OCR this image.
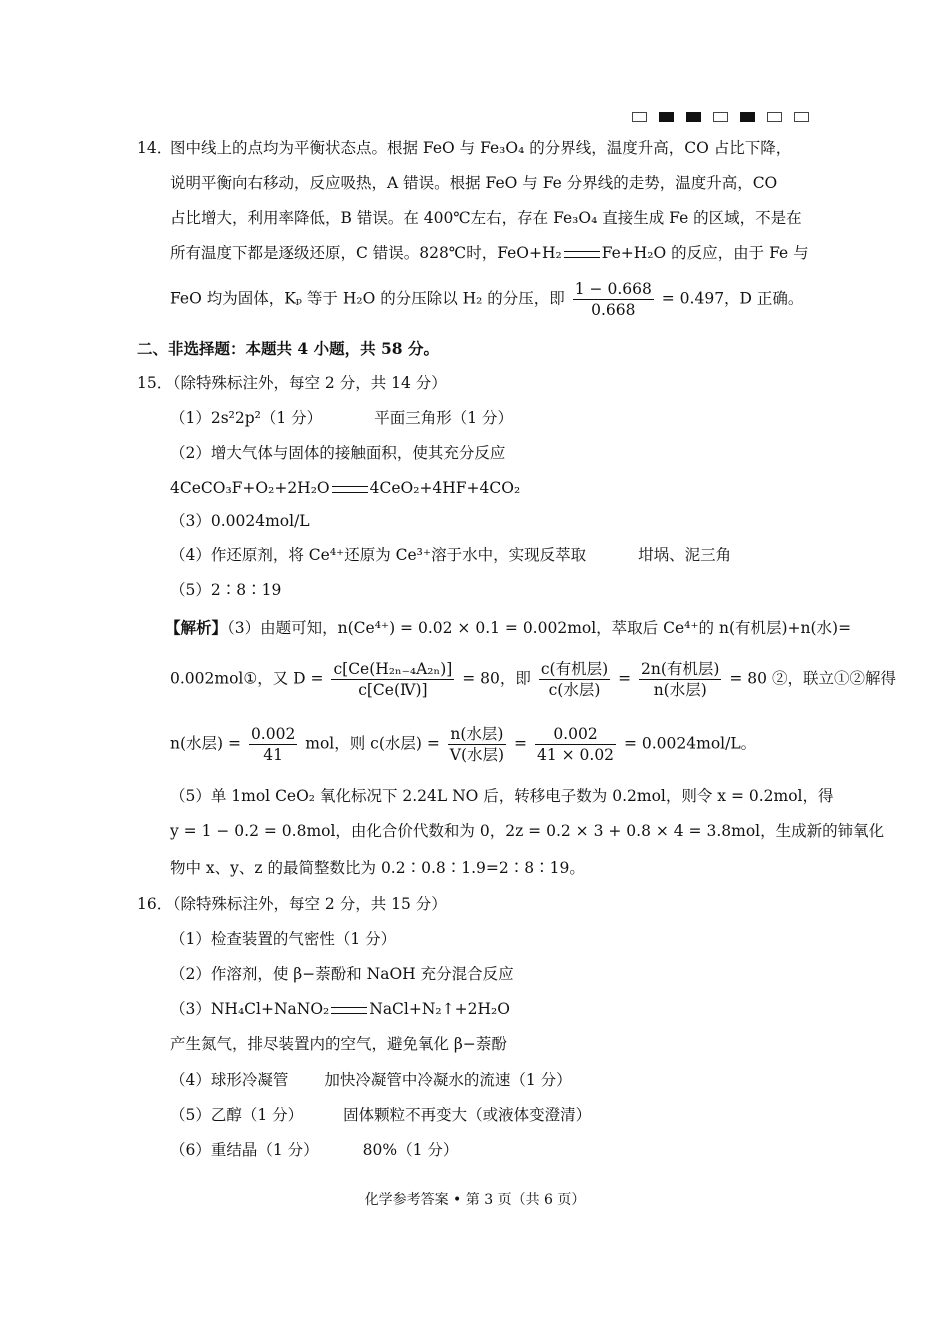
14．
图中线上的点均为平衡状态点。根据 FeO 与 Fe₃O₄ 的分界线，温度升高，CO 占比下降，
说明平衡向右移动，反应吸热，A 错误。根据 FeO 与 Fe 分界线的走势，温度升高，CO
占比增大，利用率降低，B 错误。在 400℃左右，存在 Fe₃O₄ 直接生成 Fe 的区域，不是在
所有温度下都是逐级还原，C 错误。828℃时，FeO+H₂	Fe+H₂O 的反应，由于 Fe 与
FeO 均为固体，Kₚ 等于 H₂O 的分压除以 H₂ 的分压，即 $\frac{1 - 0.668}{0.668} = 0.497$，D 正确。
二、非选择题：本题共 4 小题，共 58 分。
15．
（除特殊标注外，每空 2 分，共 14 分）
（1）2s²2p²（1 分）	平面三角形（1 分）
（2）增大气体与固体的接触面积，使其充分反应
4CeCO₃F+O₂+2H₂O	4CeO₂+4HF+4CO₂
（3）0.0024mol/L
（4）作还原剂，将 Ce⁴⁺还原为 Ce³⁺溶于水中，实现反萃取	坩埚、泥三角
（5）2∶8∶19
【解析】（3）由题可知，n(Ce⁴⁺) = 0.02 × 0.1 = 0.002mol，萃取后 Ce⁴⁺的 n(有机层)+n(水)=
0.002mol①，又 $D = \frac{\text{c[Ce(H₂ₙ₋₄A₂ₙ)]}}{\text{c[Ce(Ⅳ)]}} = 80$，即 $\frac{\text{c(有机层)}}{\text{c(水层)}} = \frac{\text{2n(有机层)}}{\text{n(水层)}} = 80$ ②，联立①②解得
n(水层) = $\frac{0.002}{41}$ mol，则 c(水层) = $\frac{\text{n(水层)}}{\text{V(水层)}} = \frac{0.002}{41 \times 0.02} = 0.0024mol/L$。
（5）单 1mol CeO₂ 氧化标况下 2.24L NO 后，转移电子数为 0.2mol，则令 x = 0.2mol，得
y = 1 − 0.2 = 0.8mol，由化合价代数和为 0，2z = 0.2 × 3 + 0.8 × 4 = 3.8mol，生成新的铈氧化
物中 x、y、z 的最简整数比为 0.2∶0.8∶1.9=2∶8∶19。
16．
（除特殊标注外，每空 2 分，共 15 分）
（1）检查装置的气密性（1 分）
（2）作溶剂，使 β−萘酚和 NaOH 充分混合反应
（3）NH₄Cl+NaNO₂	NaCl+N₂↑+2H₂O
产生氮气，排尽装置内的空气，避免氧化 β−萘酚
（4）球形冷凝管 加快冷凝管中冷凝水的流速（1 分）
（5）乙醇（1 分）	固体颗粒不再变大（或液体变澄清）
（6）重结晶（1 分）	80%（1 分）
化学参考答案 • 第 3 页（共 6 页）
